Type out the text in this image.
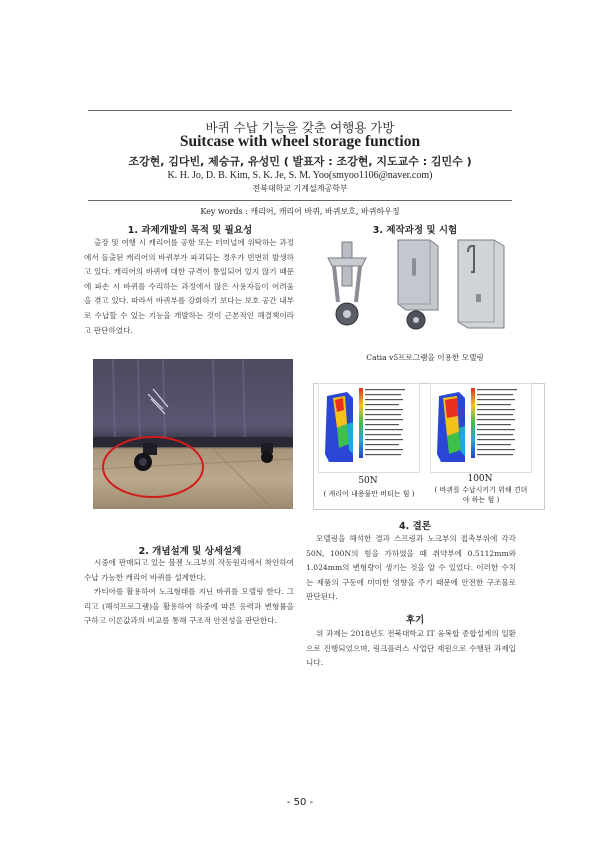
바퀴 수납 기능을 갖춘 여행용 가방
Suitcase with wheel storage function
조강현, 김다빈, 제승규, 유성민 ( 발표자 : 조강현, 지도교수 : 김민수 )
K. H. Jo, D. B. Kim, S. K. Je, S. M. Yoo(smyoo1106@naver.com)
전북대학교 기계설계공학부
Key words : 캐리어, 캐리어 바퀴, 바퀴보호, 바퀴하우징
1. 과제개발의 목적 및 필요성

출장 및 여행 시 캐리어를 공항 또는 터미널에 위탁하는 과정에서 들출된 캐리어의 바퀴부가 파괴되는 경우가 빈번히 발생하고 있다. 캐리어의 바퀴에 대한 규격이 통일되어 있지 않기 때문에 파손 시 바퀴를 수리하는 과정에서 많은 사용자들이 어려움을 겪고 있다. 따라서 바퀴부를 강화하기 보다는 보호 공간 내부로 수납할 수 있는 기능을 개발하는 것이 근본적인 해결책이라고 판단하였다.

2. 개념설계 및 상세설계

시중에 판매되고 있는 볼젠 노크부의 작동원리에서 착안하여 수납 가능한 캐리어 바퀴를 설계한다.

카티아를 활용하여 노크형태를 지닌 바퀴를 모델링 한다. 그리고 (해석프로그램)을 활용하여 하중에 따른 응력과 변형률을 구하고 이론값과의 비교를 통해 구조적 안전성을 판단한다.

3. 제작과정 및 시험
Catia v5프로그램을 이용한 모델링
50N
( 캐리어 내용물만 버티는 힘 )
100N
( 바퀴를 수납시키기 위해 견뎌야 하는 힘 )
4. 결론

모델링을 해석한 결과 스프링과 노크부의 접촉부위에 각각 50N, 100N의 힘을 가하였을 때 취약부에 0.5112mm와 1.024mm의 변형량이 생기는 것을 알 수 있었다. 이러한 수치는 제품의 구동에 미미한 영향을 주기 때문에 안전한 구조물로 판단된다.

후기

위 과제는 2018년도 전북대학교 IT 융복합 종합설계의 일환으로 진행되었으며, 링크플러스 사업단 재원으로 수행된 과제입니다.

- 50 -
